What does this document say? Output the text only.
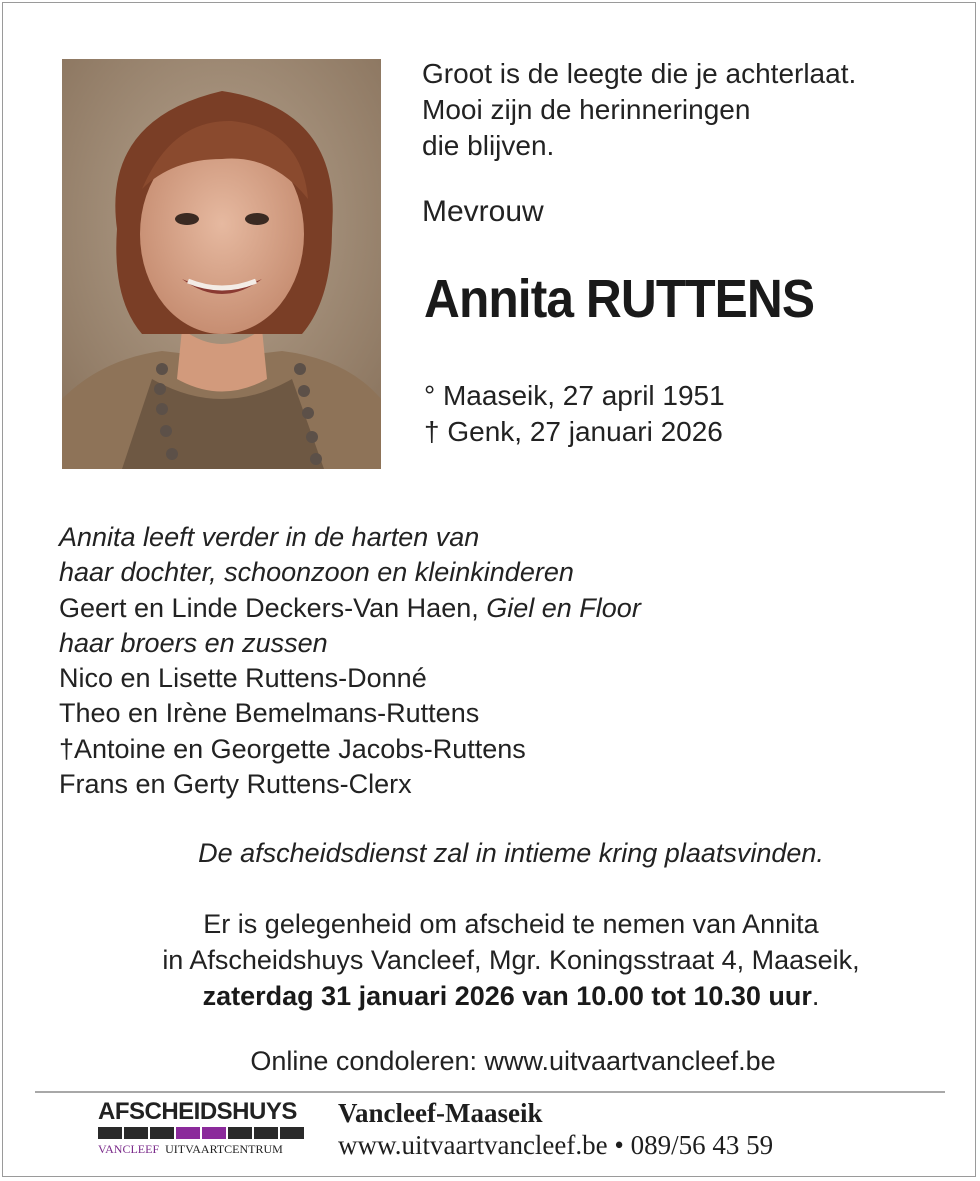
Groot is de leegte die je achterlaat.
Mooi zijn de herinneringen
die blijven.
Mevrouw
Annita RUTTENS
° Maaseik, 27 april 1951
† Genk, 27 januari 2026
Annita leeft verder in de harten van
haar dochter, schoonzoon en kleinkinderen
Geert en Linde Deckers-Van Haen, Giel en Floor
haar broers en zussen
Nico en Lisette Ruttens-Donné
Theo en Irène Bemelmans-Ruttens
†Antoine en Georgette Jacobs-Ruttens
Frans en Gerty Ruttens-Clerx
De afscheidsdienst zal in intieme kring plaatsvinden.
Er is gelegenheid om afscheid te nemen van Annita
in Afscheidshuys Vancleef, Mgr. Koningsstraat 4, Maaseik,
zaterdag 31 januari 2026 van 10.00 tot 10.30 uur.
Online condoleren: www.uitvaartvancleef.be
AFSCHEIDSHUYS
VANCLEEF UITVAARTCENTRUM
Vancleef-Maaseik
www.uitvaartvancleef.be • 089/56 43 59
